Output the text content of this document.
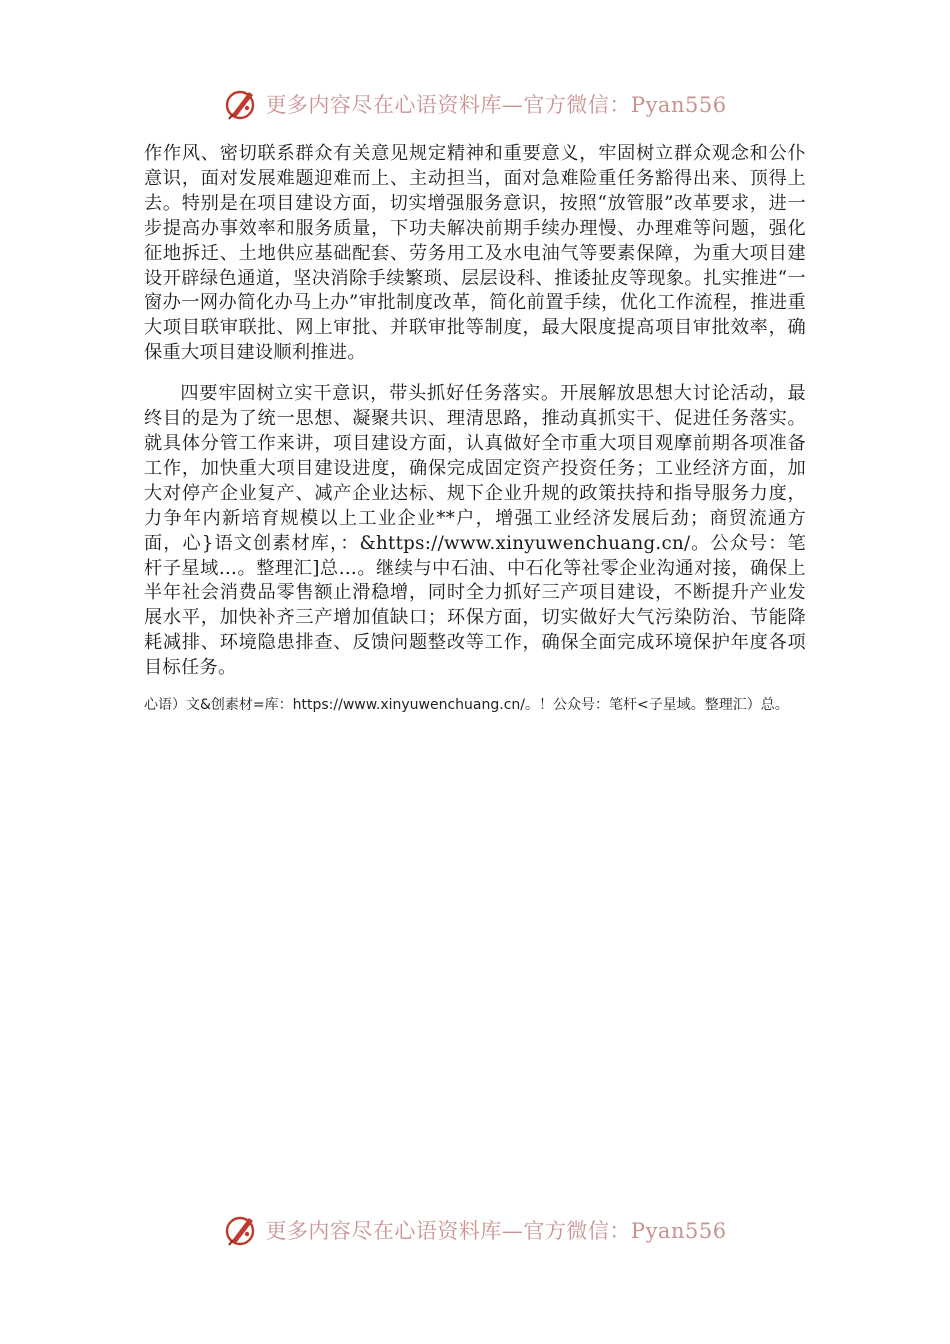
更多内容尽在心语资料库—官方微信：Pyan556

作作风、密切联系群众有关意见规定精神和重要意义，牢固树立群众观念和公仆意识，面对发展难题迎难而上、主动担当，面对急难险重任务豁得出来、顶得上去。特别是在项目建设方面，切实增强服务意识，按照“放管服”改革要求，进一步提高办事效率和服务质量，下功夫解决前期手续办理慢、办理难等问题，强化征地拆迁、土地供应基础配套、劳务用工及水电油气等要素保障，为重大项目建设开辟绿色通道，坚决消除手续繁琐、层层设科、推诿扯皮等现象。扎实推进“一窗办一网办简化办马上办”审批制度改革，简化前置手续，优化工作流程，推进重大项目联审联批、网上审批、并联审批等制度，最大限度提高项目审批效率，确保重大项目建设顺利推进。

四要牢固树立实干意识，带头抓好任务落实。开展解放思想大讨论活动，最终目的是为了统一思想、凝聚共识、理清思路，推动真抓实干、促进任务落实。就具体分管工作来讲，项目建设方面，认真做好全市重大项目观摩前期各项准备工作，加快重大项目建设进度，确保完成固定资产投资任务；工业经济方面，加大对停产企业复产、减产企业达标、规下企业升规的政策扶持和指导服务力度，力争年内新培育规模以上工业企业**户，增强工业经济发展后劲；商贸流通方面，心}语文创素材库，：&https://www.xinyuwenchuang.cn/。公众号：笔杆子星域…。整理汇]总…。继续与中石油、中石化等社零企业沟通对接，确保上半年社会消费品零售额止滑稳增，同时全力抓好三产项目建设，不断提升产业发展水平，加快补齐三产增加值缺口；环保方面，切实做好大气污染防治、节能降耗减排、环境隐患排查、反馈问题整改等工作，确保全面完成环境保护年度各项目标任务。

心语）文&创素材=库：https://www.xinyuwenchuang.cn/。！公众号：笔杆<子星域。整理汇）总。
更多内容尽在心语资料库—官方微信：Pyan556
